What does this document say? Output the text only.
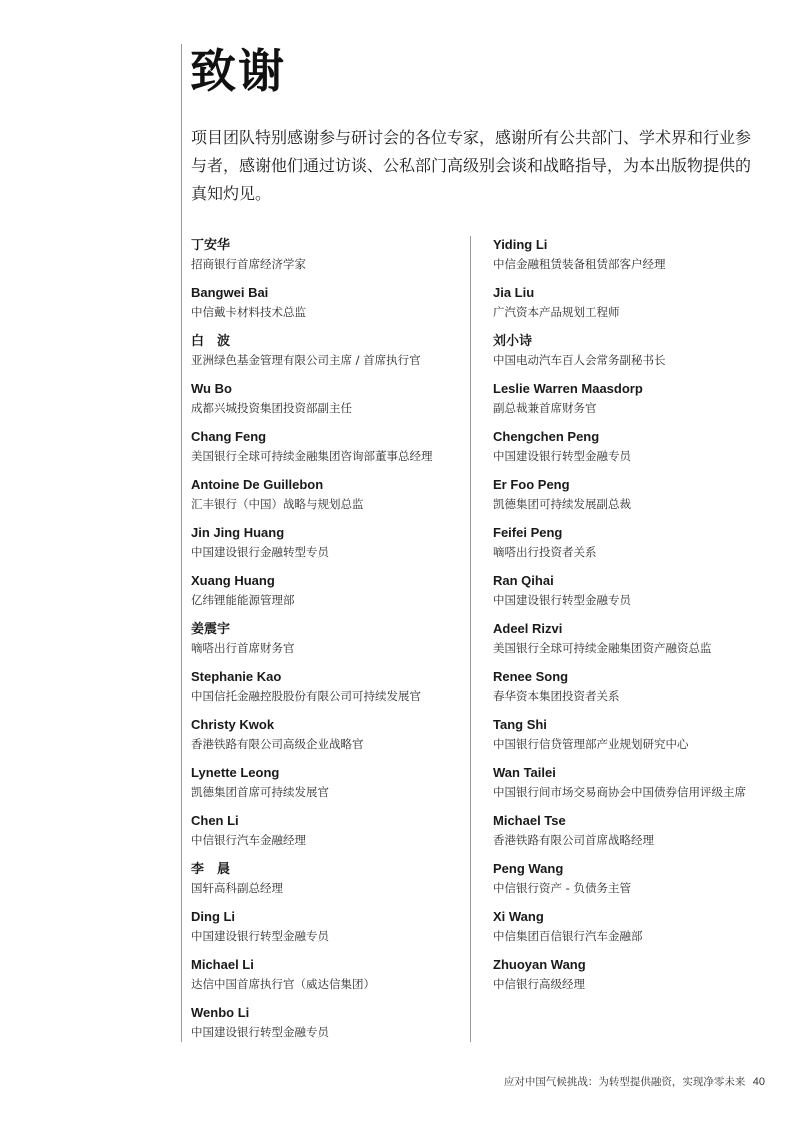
致谢

项目团队特别感谢参与研讨会的各位专家，感谢所有公共部门、学术界和行业参与者，感谢他们通过访谈、公私部门高级别会谈和战略指导，为本出版物提供的真知灼见。

丁安华
招商银行首席经济学家
Bangwei Bai
中信戴卡材料技术总监
白　波
亚洲绿色基金管理有限公司主席 / 首席执行官
Wu Bo
成都兴城投资集团投资部副主任
Chang Feng
美国银行全球可持续金融集团咨询部董事总经理
Antoine De Guillebon
汇丰银行（中国）战略与规划总监
Jin Jing Huang
中国建设银行金融转型专员
Xuang Huang
亿纬锂能能源管理部
姜震宇
嘀嗒出行首席财务官
Stephanie Kao
中国信托金融控股股份有限公司可持续发展官
Christy Kwok
香港铁路有限公司高级企业战略官
Lynette Leong
凯德集团首席可持续发展官
Chen Li
中信银行汽车金融经理
李　晨
国轩高科副总经理
Ding Li
中国建设银行转型金融专员
Michael Li
达信中国首席执行官（威达信集团）
Wenbo Li
中国建设银行转型金融专员
Yiding Li
中信金融租赁装备租赁部客户经理
Jia Liu
广汽资本产品规划工程师
刘小诗
中国电动汽车百人会常务副秘书长
Leslie Warren Maasdorp
副总裁兼首席财务官
Chengchen Peng
中国建设银行转型金融专员
Er Foo Peng
凯德集团可持续发展副总裁
Feifei Peng
嘀嗒出行投资者关系
Ran Qihai
中国建设银行转型金融专员
Adeel Rizvi
美国银行全球可持续金融集团资产融资总监
Renee Song
春华资本集团投资者关系
Tang Shi
中国银行信贷管理部产业规划研究中心
Wan Tailei
中国银行间市场交易商协会中国债券信用评级主席
Michael Tse
香港铁路有限公司首席战略经理
Peng Wang
中信银行资产 - 负债务主管
Xi Wang
中信集团百信银行汽车金融部
Zhuoyan Wang
中信银行高级经理
应对中国气候挑战：为转型提供融资，实现净零未来 40
